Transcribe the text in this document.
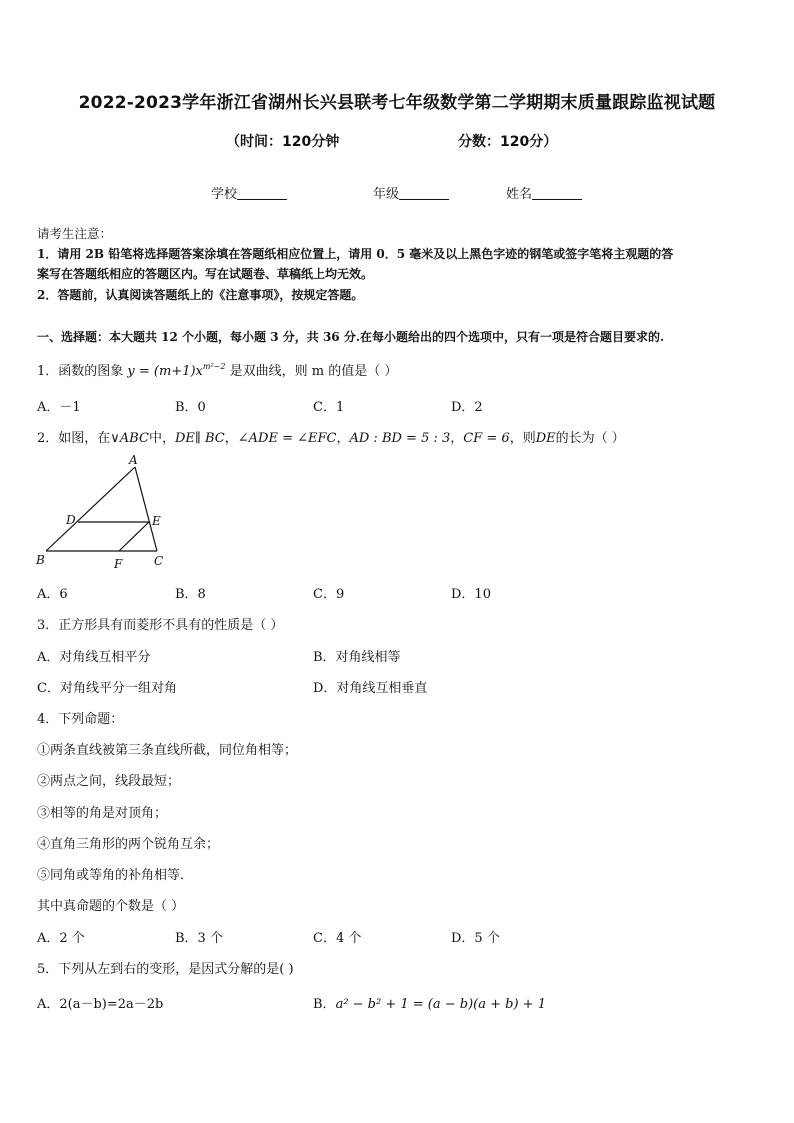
2022-2023学年浙江省湖州长兴县联考七年级数学第二学期期末质量跟踪监视试题
（时间：120分钟	分数：120分）
学校	年级	姓名
请考生注意：
1．请用 2B 铅笔将选择题答案涂填在答题纸相应位置上，请用 0．5 毫米及以上黑色字迹的钢笔或签字笔将主观题的答
案写在答题纸相应的答题区内。写在试题卷、草稿纸上均无效。
2．答题前，认真阅读答题纸上的《注意事项》，按规定答题。
一、选择题：本大题共 12 个小题，每小题 3 分，共 36 分.在每小题给出的四个选项中，只有一项是符合题目要求的.
1．函数的图象 $y = (m+1)x^{m^2-2}$ 是双曲线，则 m 的值是（ ）
A．－1	B．0	C．1	D．2
2．如图，在∨ABC中，DE∥ BC，∠ADE = ∠EFC，AD : BD = 5 : 3，CF = 6，则DE的长为（ ）
A
B	C
D	E
F
A．6	B．8	C．9	D．10
3．正方形具有而菱形不具有的性质是（ ）
A．对角线互相平分	B．对角线相等
C．对角线平分一组对角	D．对角线互相垂直
4．下列命题：
①两条直线被第三条直线所截，同位角相等；
②两点之间，线段最短；
③相等的角是对顶角；
④直角三角形的两个锐角互余；
⑤同角或等角的补角相等．
其中真命题的个数是（ ）
A．2 个	B．3 个	C．4 个	D．5 个
5．下列从左到右的变形，是因式分解的是( )
A．2(a－b)=2a－2b	B．a² − b² + 1 = (a − b)(a + b) + 1
